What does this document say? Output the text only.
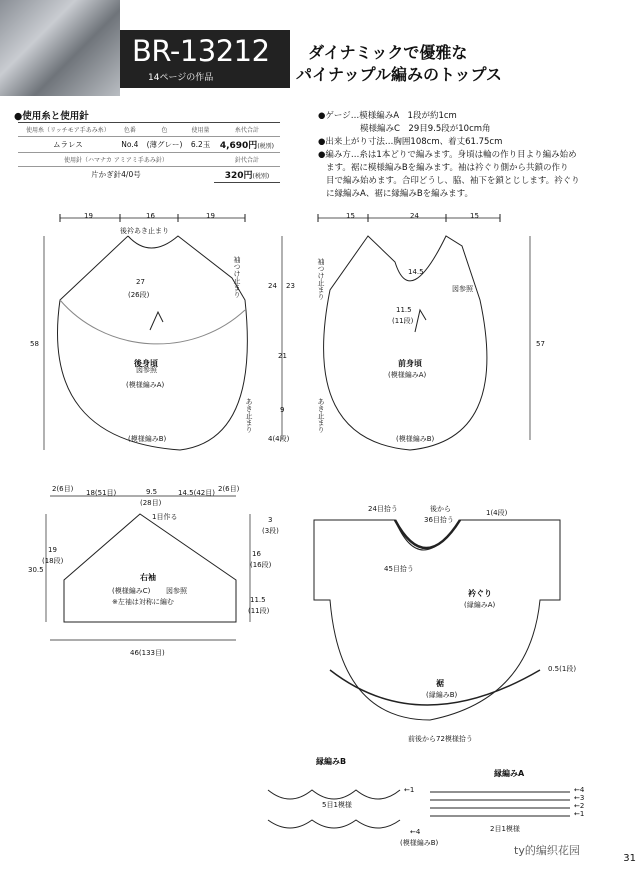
BR-13212
14ページの作品
ダイナミックで優雅な
パイナップル編みのトップス
●使用糸と使用針
使用糸（リッチモア手あみ糸）	色番	色	使用量	糸代合計
ムラレス	No.4	(薄グレー)	6.2玉	4,690円(税別)
使用針（ハマナカ アミアミ手あみ針）				針代合計
片かぎ針4/0号				320円(税別)
●ゲージ…模様編みA　1段が約1cm
模様編みC　29目9.5段が10cm角
●出来上がり寸法…胸囲108cm、着丈61.75cm
●編み方…糸は1本どりで編みます。身頃は輪の作り目より編み始め
ます。裾に模様編みBを編みます。袖は衿ぐり側から共鎖の作り
目で編み始めます。合印どうし、脇、袖下を鎖とじします。衿ぐり
に縁編みA、裾に縁編みBを編みます。
19	16	19
後衿あき止まり
27
(26段)
図参照
後身頃
(模様編みA)
(模様編みB)
袖つけ止まり
あき止まり
24 23
21
9
4(4段)
58
15	24	15
14.5
図参照
11.5
(11段)
前身頃
(模様編みA)
(模様編みB)
袖つけ止まり
あき止まり
57
2(6目) 18(51目)	9.5
(28目)
14.5(42目) 2(6目)
1目作る
右袖
(模様編みC) 図参照
※左袖は対称に編む
3
(3段)
19
(18段)
30.5
16
(16段)
11.5
(11段)
46(133目)
24目拾う	後から
36目拾う
1(4段)
45目拾う
衿ぐり
(縁編みA)
裾
(縁編みB)
0.5(1段)
前後から72模様拾う
縁編みB
5目1模様
←1
←4
(模様編みB)
縁編みA
←4
←3
←2
←1
2目1模様
31
ty的编织花园
